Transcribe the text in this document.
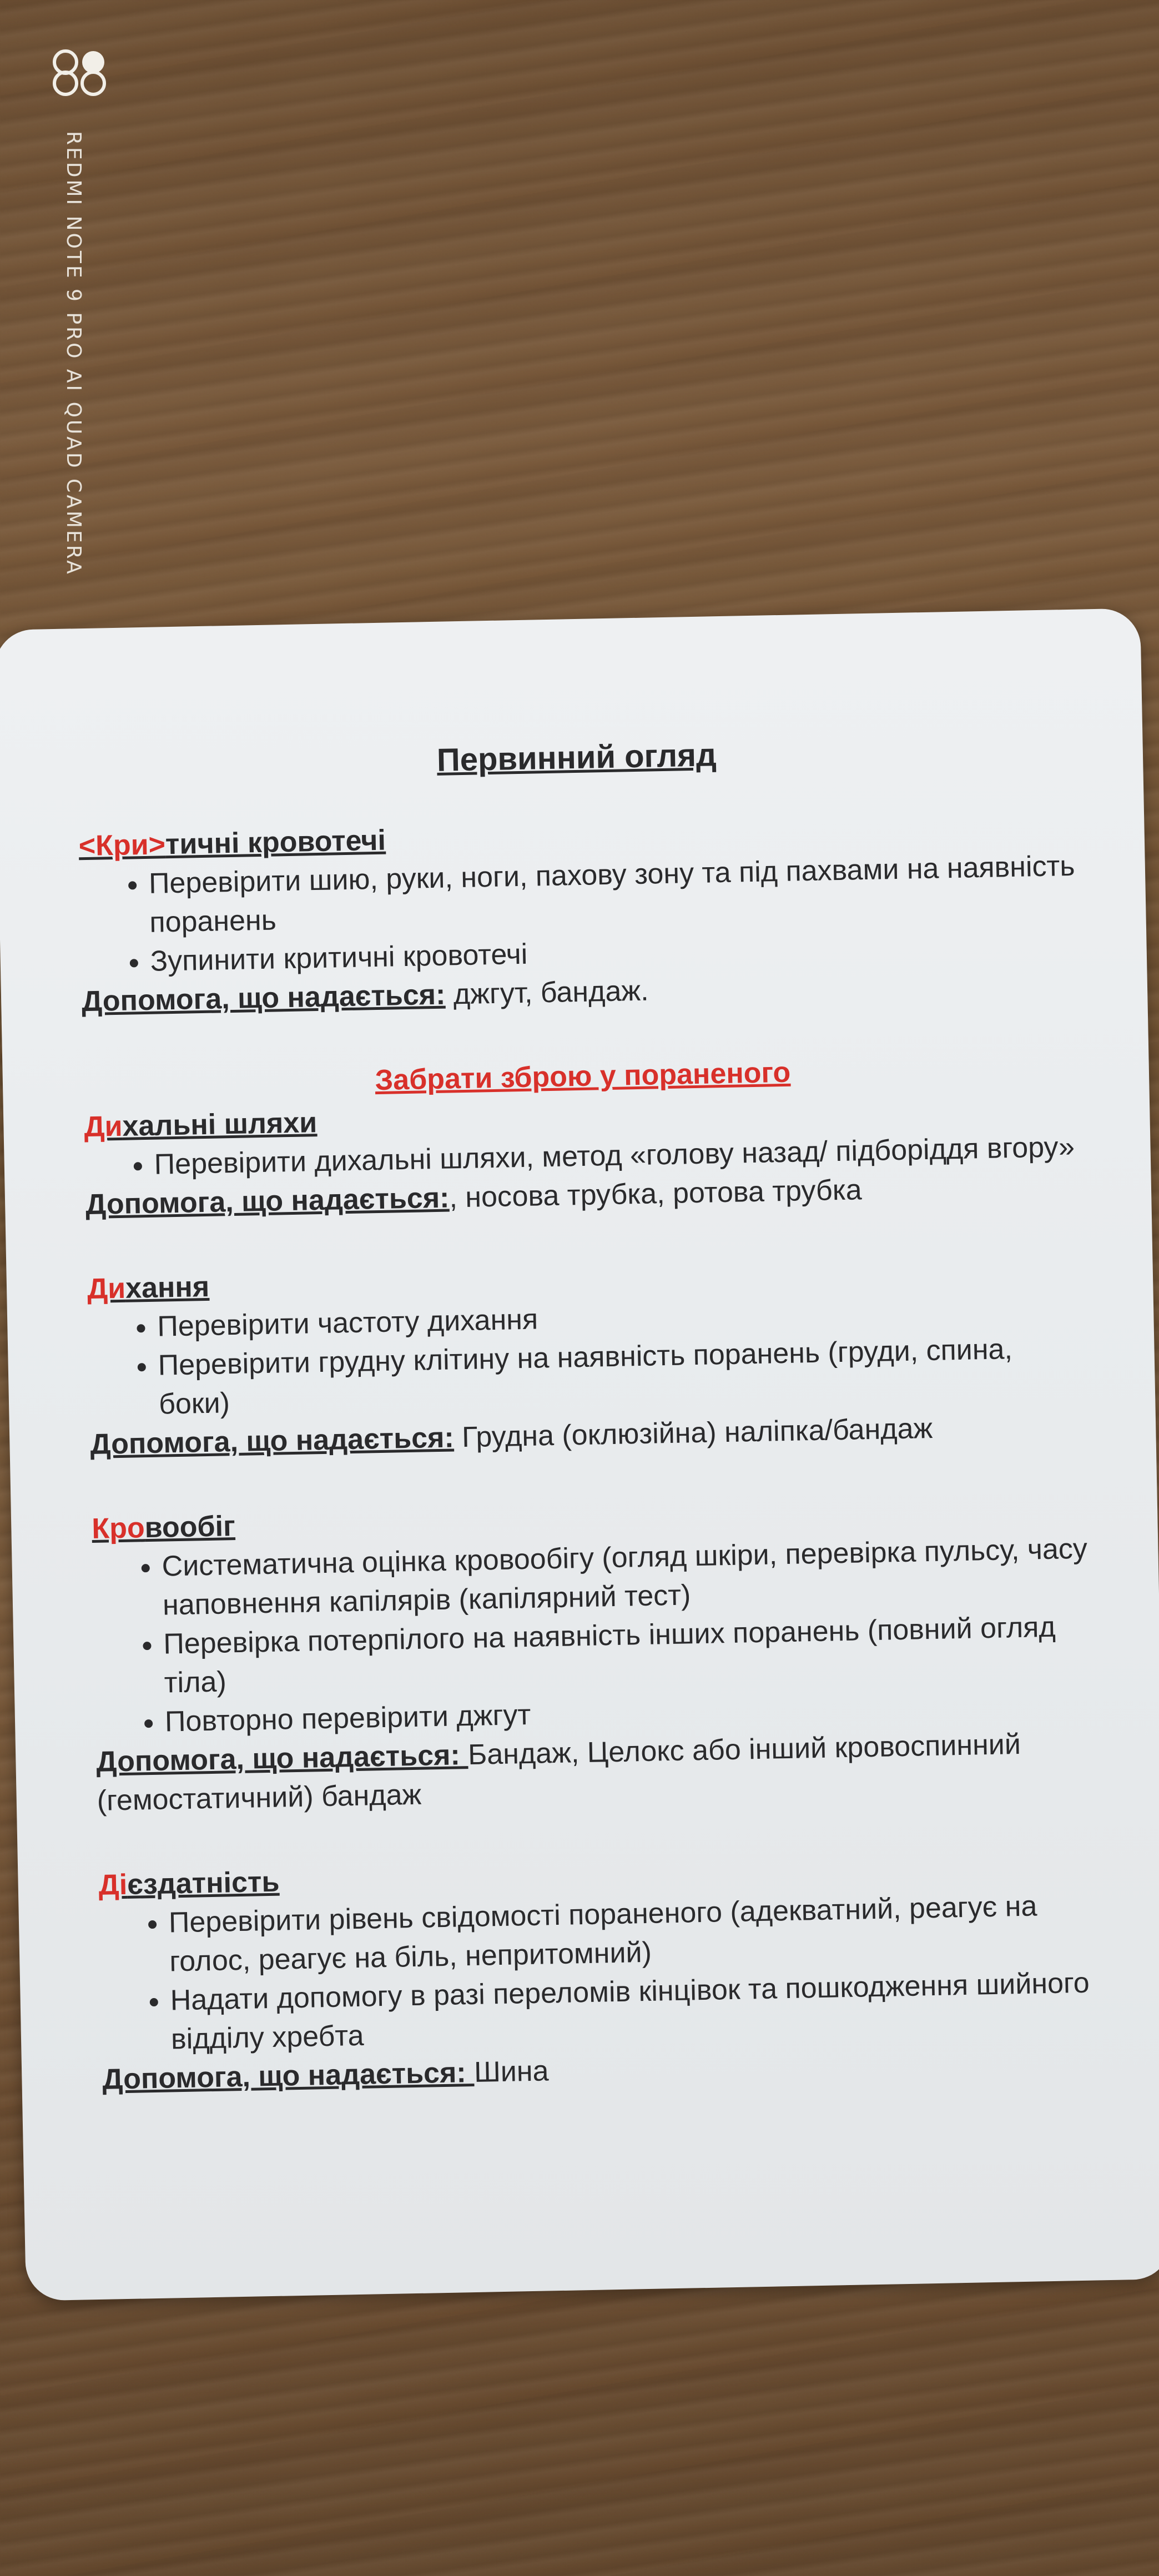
REDMI NOTE 9 PRO AI QUAD CAMERA
Первинний огляд
<Кри>тичні кровотечі
• Перевірити шию, руки, ноги, пахову зону та під пахвами на наявність поранень
• Зупинити критичні кровотечі
Допомога, що надається: джгут, бандаж.
Забрати зброю у пораненого
Дихальні шляхи
• Перевірити дихальні шляхи, метод «голову назад/ підборіддя вгору»
Допомога, що надається:, носова трубка, ротова трубка
Дихання
• Перевірити частоту дихання
• Перевірити грудну клітину на наявність поранень (груди, спина, боки)
Допомога, що надається: Грудна (оклюзійна) наліпка/бандаж
Кровообіг
• Систематична оцінка кровообігу (огляд шкіри, перевірка пульсу, часу наповнення капілярів (капілярний тест)
• Перевірка потерпілого на наявність інших поранень (повний огляд тіла)
• Повторно перевірити джгут
Допомога, що надається: Бандаж, Целокс або інший кровоспинний (гемостатичний) бандаж
Дієздатність
• Перевірити рівень свідомості пораненого (адекватний, реагує на голос, реагує на біль, непритомний)
• Надати допомогу в разі переломів кінцівок та пошкодження шийного відділу хребта
Допомога, що надається: Шина
